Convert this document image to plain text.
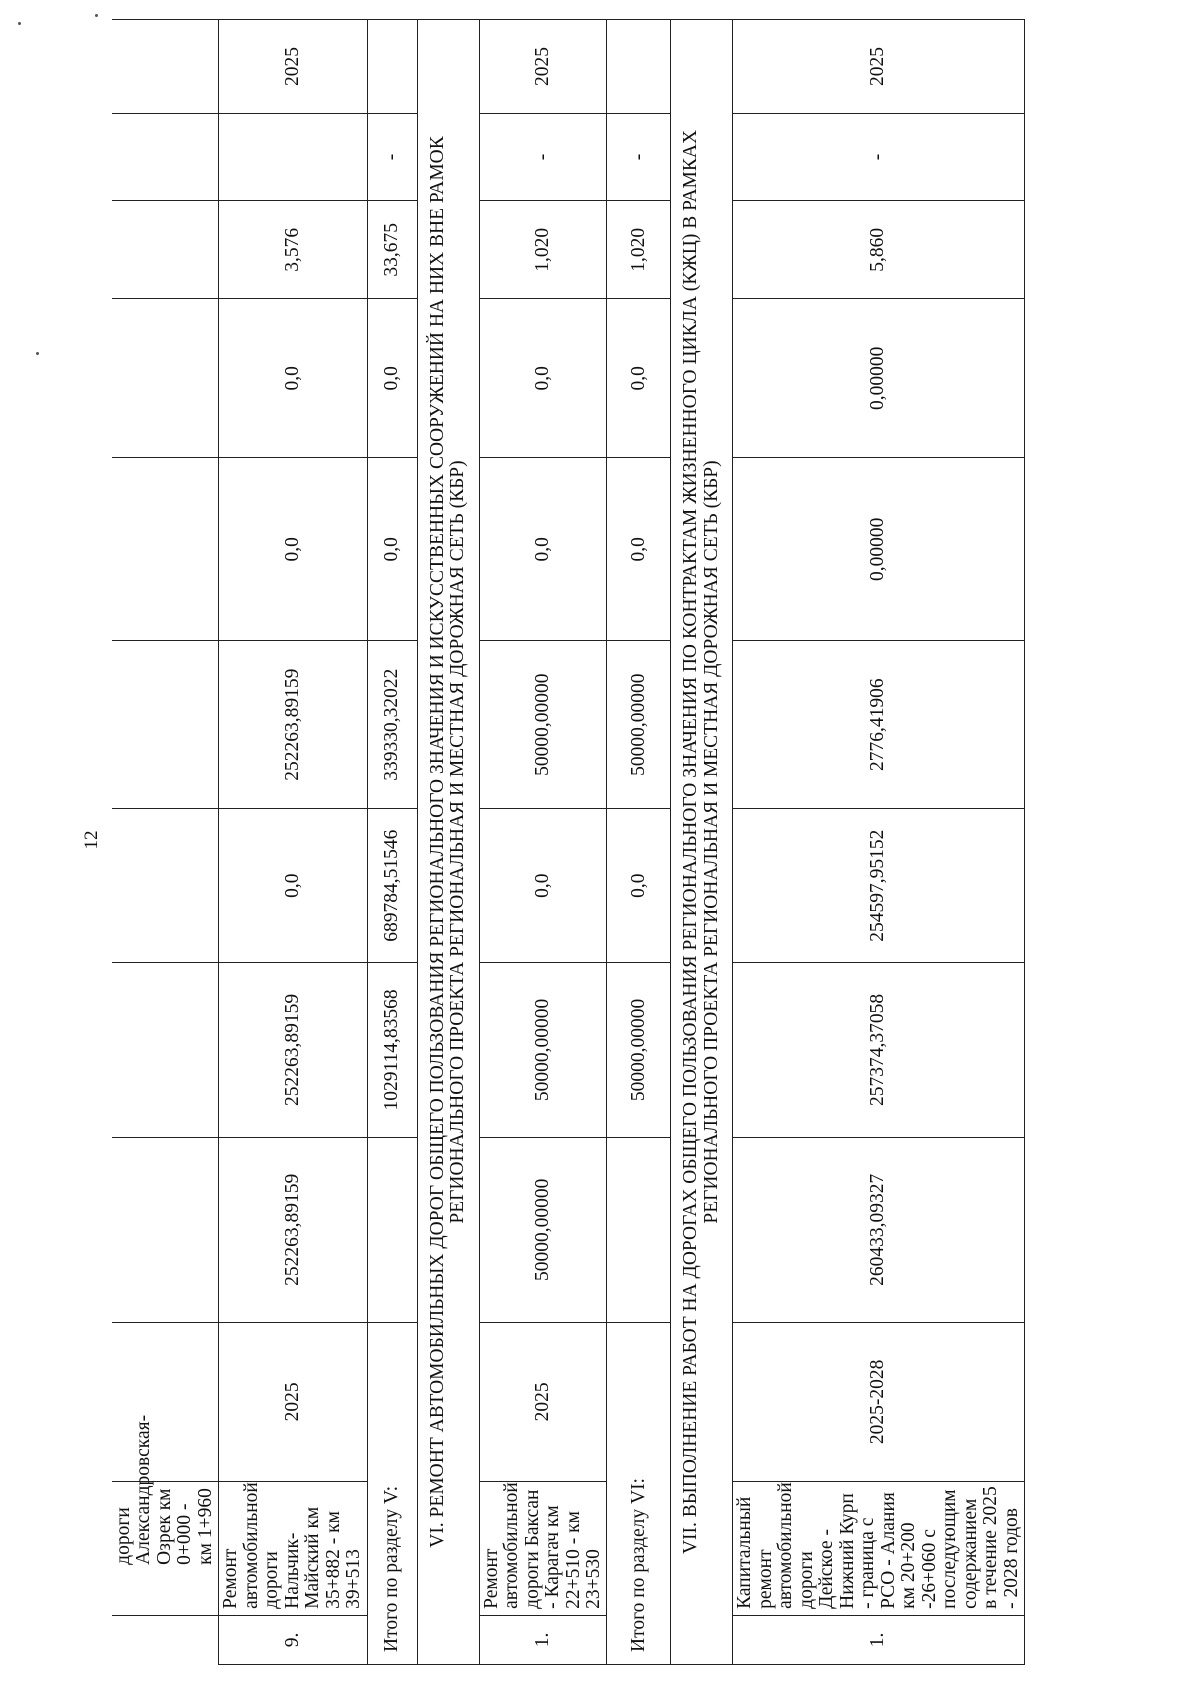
12
	дороги Александровская-Озрек км 0+000 - км 1+960										
9.	Ремонт автомобильной дороги Нальчик-Майский км 35+882 - км 39+513	2025	252263,89159	252263,89159	0,0	252263,89159	0,0	0,0	3,576		2025
Итого по разделу V:				1029114,83568	689784,51546	339330,32022	0,0	0,0	33,675	-	
VI. РЕМОНТ АВТОМОБИЛЬНЫХ ДОРОГ ОБЩЕГО ПОЛЬЗОВАНИЯ РЕГИОНАЛЬНОГО ЗНАЧЕНИЯ И ИСКУССТВЕННЫХ СООРУЖЕНИЙ НА НИХ ВНЕ РАМОК РЕГИОНАЛЬНОГО ПРОЕКТА РЕГИОНАЛЬНАЯ И МЕСТНАЯ ДОРОЖНАЯ СЕТЬ (КБР)											
1.	Ремонт автомобильной дороги Баксан - Карагач км 22+510 - км 23+530	2025	50000,00000	50000,00000	0,0	50000,00000	0,0	0,0	1,020	-	2025
Итого по разделу VI:				50000,00000	0,0	50000,00000	0,0	0,0	1,020	-	
VII. ВЫПОЛНЕНИЕ РАБОТ НА ДОРОГАХ ОБЩЕГО ПОЛЬЗОВАНИЯ РЕГИОНАЛЬНОГО ЗНАЧЕНИЯ ПО КОНТРАКТАМ ЖИЗНЕННОГО ЦИКЛА (КЖЦ) В РАМКАХ РЕГИОНАЛЬНОГО ПРОЕКТА РЕГИОНАЛЬНАЯ И МЕСТНАЯ ДОРОЖНАЯ СЕТЬ (КБР)											
1.	Капитальный ремонт автомобильной дороги Дейское - Нижний Курп - граница с РСО - Алания км 20+200 -26+060 с последующим содержанием в течение 2025 - 2028 годов	2025-2028	260433,09327	257374,37058	254597,95152	2776,41906	0,00000	0,00000	5,860	-	2025
